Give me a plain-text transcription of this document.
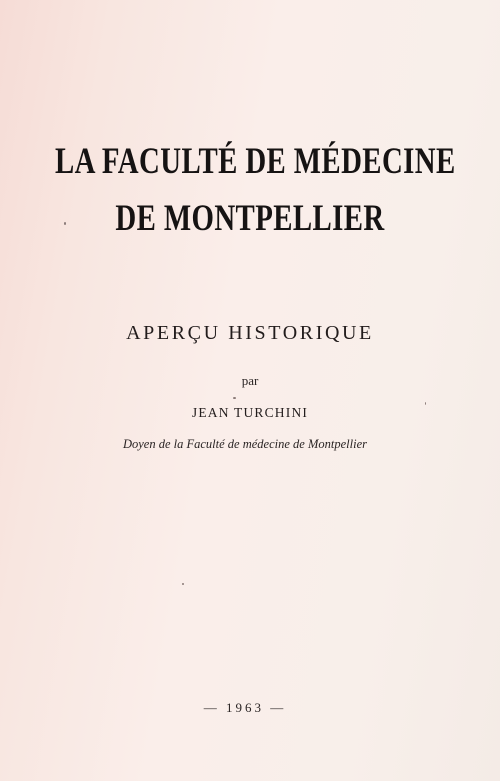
LA FACULTÉ DE MÉDECINE
DE MONTPELLIER
APERÇU HISTORIQUE
par
JEAN TURCHINI
Doyen de la Faculté de médecine de Montpellier
— 1963 —
